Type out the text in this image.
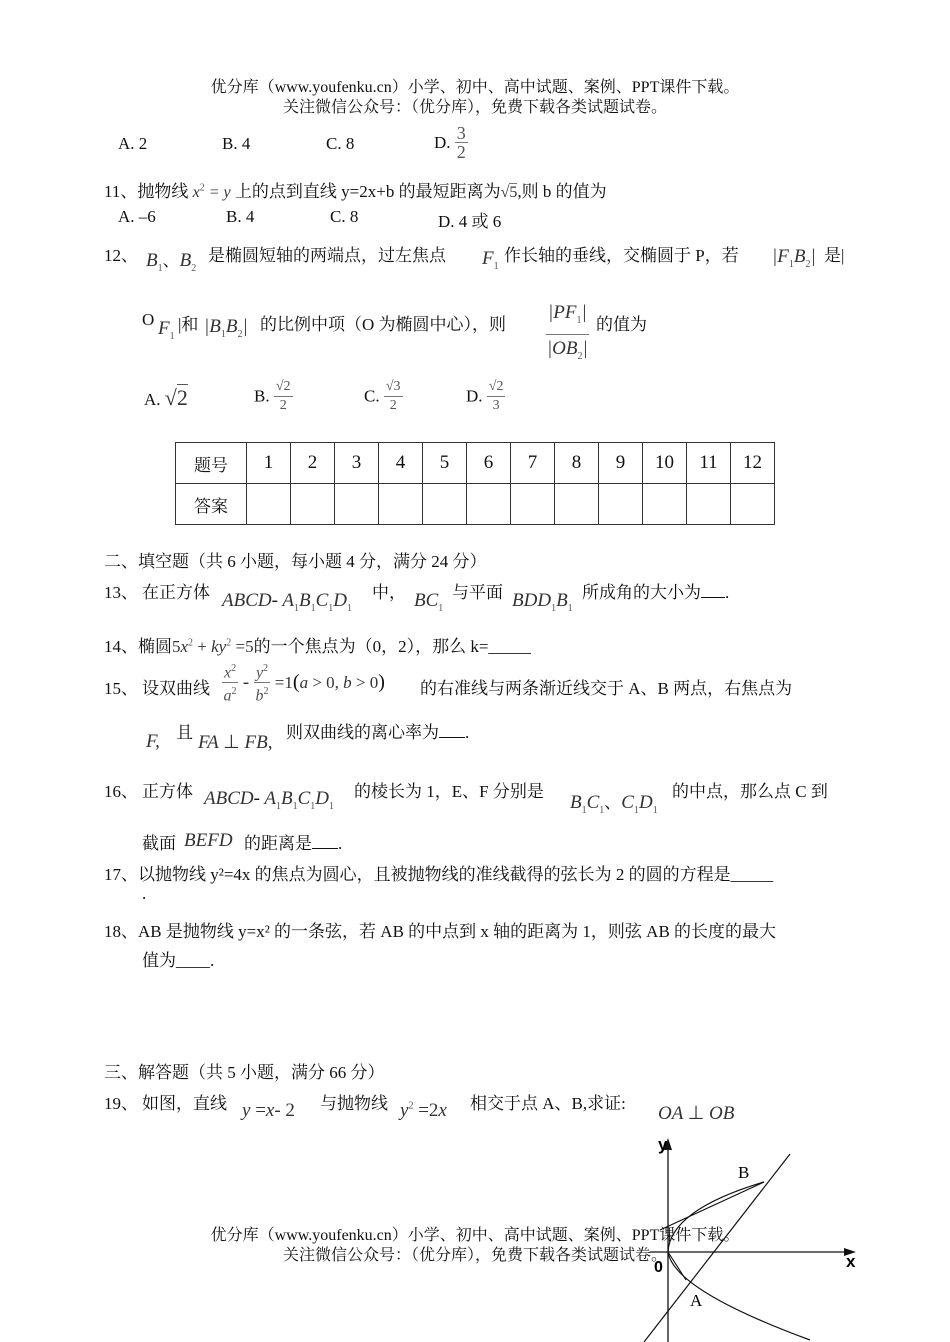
优分库（www.youfenku.cn）小学、初中、高中试题、案例、PPT课件下载。
关注微信公众号：（优分库），免费下载各类试题试卷。
A. 2	B. 4	C. 8	D. $\frac{3}{2}$
11、抛物线 $x^2 = y$ 上的点到直线 y=2x+b 的最短距离为√5,则 b 的值为
A. –6	B. 4	C. 8	D. 4 或 6
12、 $B_1$、$B_2$
是椭圆短轴的两端点，过左焦点 $F_1$
作长轴的垂线，交椭圆于 P，若 $|F_1B_2|$ 是|
O $F_1$
|和 $|B_1B_2|$ 的比例中项（O 为椭圆中心），则
$|PF_1|$
$|OB_2|$
的值为
A. √2	B. $\frac{√2}{2}$	C. $\frac{√3}{2}$	D. $\frac{√2}{3}$
题号	1	2	3	4	5	6	7	8	9	10	11	12
答案												
二、填空题（共 6 小题，每小题 4 分，满分 24 分）
13、 在正方体 ABCD- $A_1B_1C_1D_1$
中， $BC_1$
与平面 $BDD_1B_1$
所成角的大小为 .
14、椭圆$5x^2 + ky^2 =5$的一个焦点为（0，2），那么 k=_____
15、 设双曲线 $\frac{x^2}{a^2} - \frac{y^2}{b^2} =1(a > 0$, b > 0) 的右准线与两条渐近线交于 A、B 两点，右焦点为
F, 且 FA ⊥ FB, 则双曲线的离心率为 .
16、 正方体 ABCD- $A_1B_1C_1D_1$
的棱长为 1，E、F 分别是
$B_1C_1$、$C_1D_1$
的中点，那么点 C 到
截面 BEFD 的距离是 .
17、以抛物线 y²=4x 的焦点为圆心，且被抛物线的准线截得的弦长为 2 的圆的方程是_____
.
18、AB 是抛物线 y=x² 的一条弦，若 AB 的中点到 x 轴的距离为 1，则弦 AB 的长度的最大
值为____.
三、解答题（共 5 小题，满分 66 分）
19、 如图，直线 y =x- 2 与抛物线 $y^2 =2x$ 相交于点 A、B,求证: OA ⊥ OB
y
x
0
B
A
优分库（www.youfenku.cn）小学、初中、高中试题、案例、PPT课件下载。
关注微信公众号：（优分库），免费下载各类试题试卷。
